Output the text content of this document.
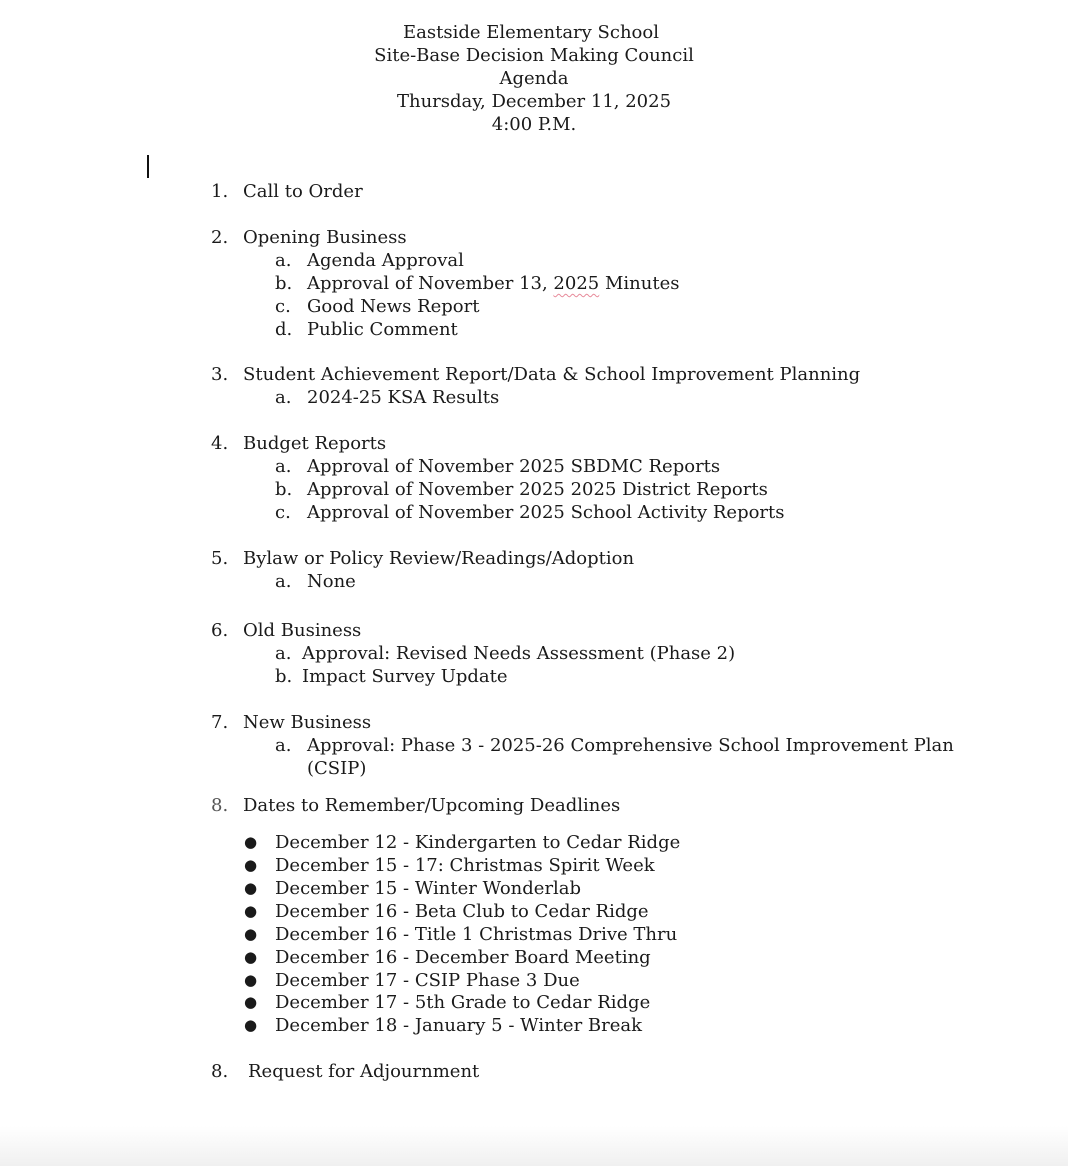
Eastside Elementary School
Site-Base Decision Making Council
Agenda
Thursday, December 11, 2025
4:00 P.M.
1. Call to Order
2. Opening Business
a. Agenda Approval
b. Approval of November 13, 2025 Minutes
c. Good News Report
d. Public Comment
3. Student Achievement Report/Data & School Improvement Planning
a. 2024-25 KSA Results
4. Budget Reports
a. Approval of November 2025 SBDMC Reports
b. Approval of November 2025 2025 District Reports
c. Approval of November 2025 School Activity Reports
5. Bylaw or Policy Review/Readings/Adoption
a. None
6. Old Business
a. Approval: Revised Needs Assessment (Phase 2)
b. Impact Survey Update
7. New Business
a. Approval: Phase 3 - 2025-26 Comprehensive School Improvement Plan
(CSIP)
8. Dates to Remember/Upcoming Deadlines
● December 12 - Kindergarten to Cedar Ridge
● December 15 - 17: Christmas Spirit Week
● December 15 - Winter Wonderlab
● December 16 - Beta Club to Cedar Ridge
● December 16 - Title 1 Christmas Drive Thru
● December 16 - December Board Meeting
● December 17 - CSIP Phase 3 Due
● December 17 - 5th Grade to Cedar Ridge
● December 18 - January 5 - Winter Break
8. Request for Adjournment
